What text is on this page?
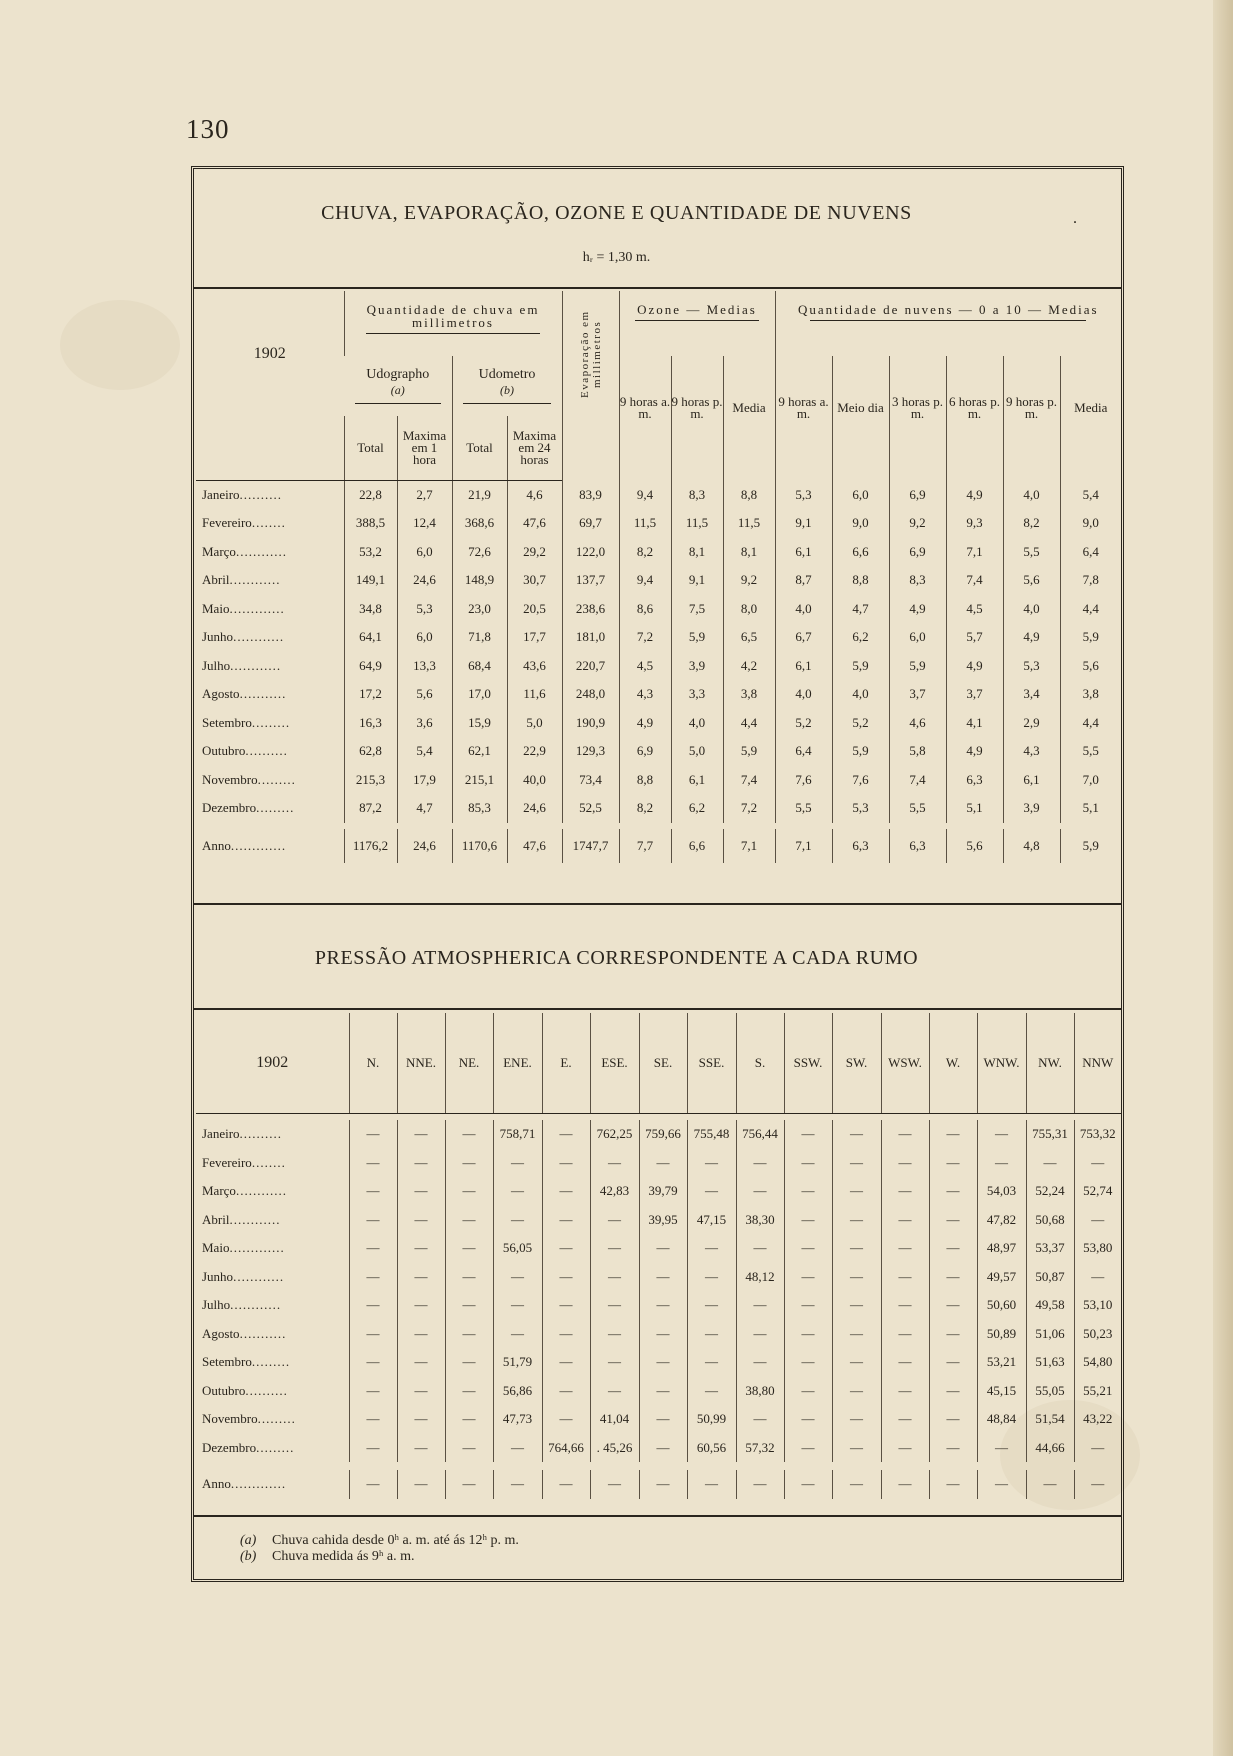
130
CHUVA, EVAPORAÇÃO, OZONE E QUANTIDADE DE NUVENS	.
hᵣ = 1,30 m.
1902	Quantidade de chuva em millimetros				Evaporação em millimetros	Ozone — Medias			Quantidade de nuvens — 0 a 10 — Medias					

	Udographo
(a)		Udometro
(b)			9 horas a. m.	9 horas p. m.	Media	9 horas a. m.	Meio dia	3 horas p. m.	6 horas p. m.	9 horas p. m.	Media
	Total	Maxima em 1 hora	Total	Maxima em 24 horas									
Janeiro..........	22,8	2,7	21,9	4,6	83,9	9,4	8,3	8,8	5,3	6,0	6,9	4,9	4,0	5,4
Fevereiro........	388,5	12,4	368,6	47,6	69,7	11,5	11,5	11,5	9,1	9,0	9,2	9,3	8,2	9,0
Março............	53,2	6,0	72,6	29,2	122,0	8,2	8,1	8,1	6,1	6,6	6,9	7,1	5,5	6,4
Abril............	149,1	24,6	148,9	30,7	137,7	9,4	9,1	9,2	8,7	8,8	8,3	7,4	5,6	7,8
Maio.............	34,8	5,3	23,0	20,5	238,6	8,6	7,5	8,0	4,0	4,7	4,9	4,5	4,0	4,4
Junho............	64,1	6,0	71,8	17,7	181,0	7,2	5,9	6,5	6,7	6,2	6,0	5,7	4,9	5,9
Julho............	64,9	13,3	68,4	43,6	220,7	4,5	3,9	4,2	6,1	5,9	5,9	4,9	5,3	5,6
Agosto...........	17,2	5,6	17,0	11,6	248,0	4,3	3,3	3,8	4,0	4,0	3,7	3,7	3,4	3,8
Setembro.........	16,3	3,6	15,9	5,0	190,9	4,9	4,0	4,4	5,2	5,2	4,6	4,1	2,9	4,4
Outubro..........	62,8	5,4	62,1	22,9	129,3	6,9	5,0	5,9	6,4	5,9	5,8	4,9	4,3	5,5
Novembro.........	215,3	17,9	215,1	40,0	73,4	8,8	6,1	7,4	7,6	7,6	7,4	6,3	6,1	7,0
Dezembro.........	87,2	4,7	85,3	24,6	52,5	8,2	6,2	7,2	5,5	5,3	5,5	5,1	3,9	5,1

Anno.............	1176,2	24,6	1170,6	47,6	1747,7	7,7	6,6	7,1	7,1	6,3	6,3	5,6	4,8	5,9
PRESSÃO ATMOSPHERICA CORRESPONDENTE A CADA RUMO
1902	N.	NNE.	NE.	ENE.	E.	ESE.	SE.	SSE.	S.	SSW.	SW.	WSW.	W.	WNW.	NW.	NNW

Janeiro..........	—	—	—	758,71	—	762,25	759,66	755,48	756,44	—	—	—	—	—	755,31	753,32
Fevereiro........	—	—	—	—	—	—	—	—	—	—	—	—	—	—	—	—
Março............	—	—	—	—	—	42,83	39,79	—	—	—	—	—	—	54,03	52,24	52,74
Abril............	—	—	—	—	—	—	39,95	47,15	38,30	—	—	—	—	47,82	50,68	—
Maio.............	—	—	—	56,05	—	—	—	—	—	—	—	—	—	48,97	53,37	53,80
Junho............	—	—	—	—	—	—	—	—	48,12	—	—	—	—	49,57	50,87	—
Julho............	—	—	—	—	—	—	—	—	—	—	—	—	—	50,60	49,58	53,10
Agosto...........	—	—	—	—	—	—	—	—	—	—	—	—	—	50,89	51,06	50,23
Setembro.........	—	—	—	51,79	—	—	—	—	—	—	—	—	—	53,21	51,63	54,80
Outubro..........	—	—	—	56,86	—	—	—	—	38,80	—	—	—	—	45,15	55,05	55,21
Novembro.........	—	—	—	47,73	—	41,04	—	50,99	—	—	—	—	—	48,84	51,54	43,22
Dezembro.........	—	—	—	—	764,66	. 45,26	—	60,56	57,32	—	—	—	—	—	44,66	—

Anno.............	—	—	—	—	—	—	—	—	—	—	—	—	—	—	—	—
(a) Chuva cahida desde 0ʰ a. m. até ás 12ʰ p. m.
(b) Chuva medida ás 9ʰ a. m.
